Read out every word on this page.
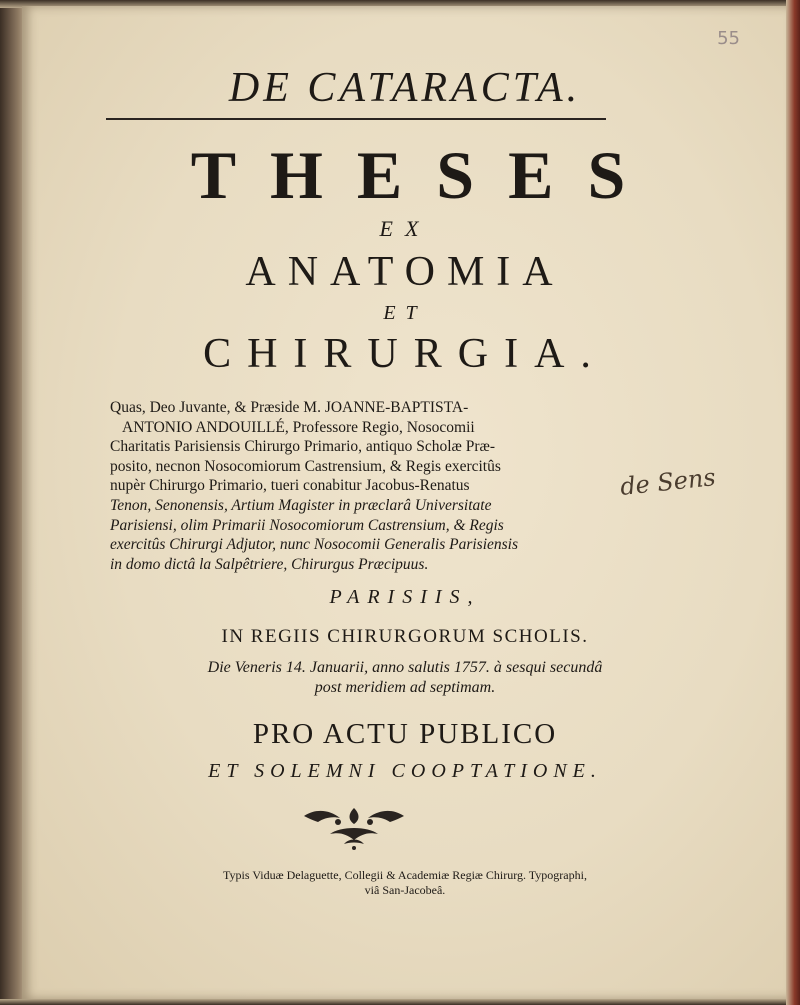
55
DE CATARACTA.
THESES
EX
ANATOMIA
ET
CHIRURGIA.
Quas, Deo Juvante, & Præside M. JOANNE-BAPTISTA-
ANTONIO ANDOUILLÉ, Professore Regio, Nosocomii
Charitatis Parisiensis Chirurgo Primario, antiquo Scholæ Præ-
posito, necnon Nosocomiorum Castrensium, & Regis exercitûs
nupèr Chirurgo Primario, tueri conabitur Jacobus-Renatus
Tenon, Senonensis, Artium Magister in præclarâ Universitate
Parisiensi, olim Primarii Nosocomiorum Castrensium, & Regis
exercitûs Chirurgi Adjutor, nunc Nosocomii Generalis Parisiensis
in domo dictâ la Salpêtriere, Chirurgus Præcipuus.
de Sens
PARISIIS,
IN REGIIS CHIRURGORUM SCHOLIS.
Die Veneris 14. Januarii, anno salutis 1757. à sesqui secundâ
post meridiem ad septimam.
PRO ACTU PUBLICO
ET SOLEMNI COOPTATIONE.
Typis Viduæ Delaguette, Collegii & Academiæ Regiæ Chirurg. Typographi,
viâ San-Jacobeâ.
